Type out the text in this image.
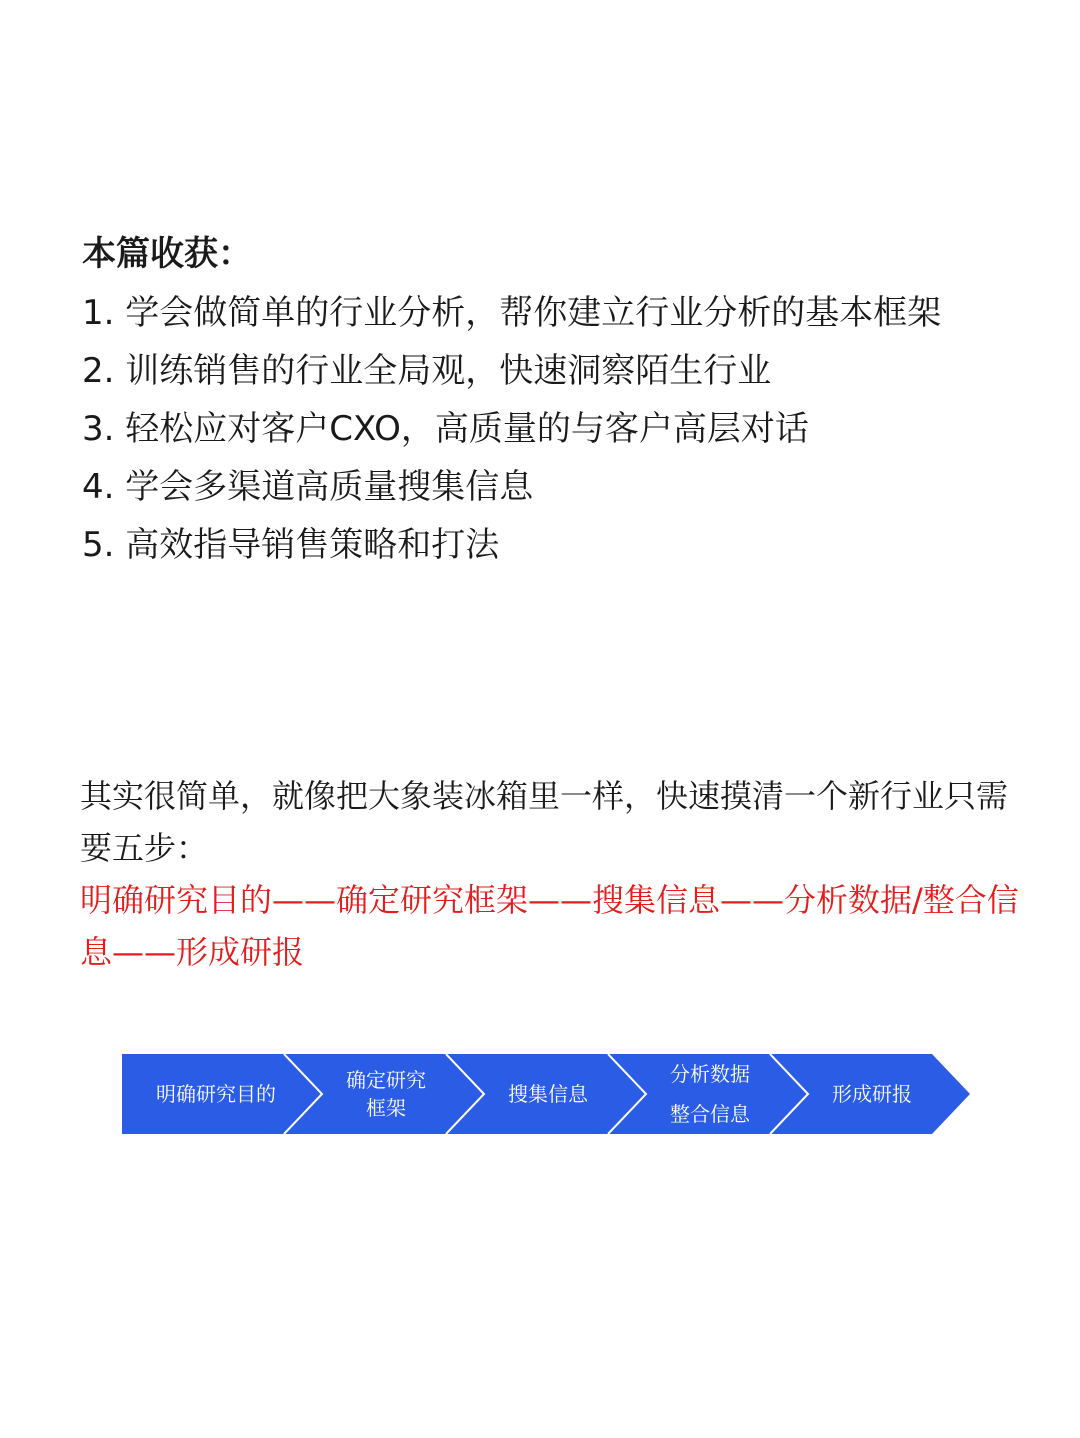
本篇收获：

1. 学会做简单的行业分析，帮你建立行业分析的基本框架
2. 训练销售的行业全局观，快速洞察陌生行业
3. 轻松应对客户CXO，高质量的与客户高层对话
4. 学会多渠道高质量搜集信息
5. 高效指导销售策略和打法

其实很简单，就像把大象装冰箱里一样，快速摸清一个新行业只需要五步：

明确研究目的——确定研究框架——搜集信息——分析数据/整合信息——形成研报

明确研究目的
确定研究
框架
搜集信息
分析数据
整合信息
形成研报
